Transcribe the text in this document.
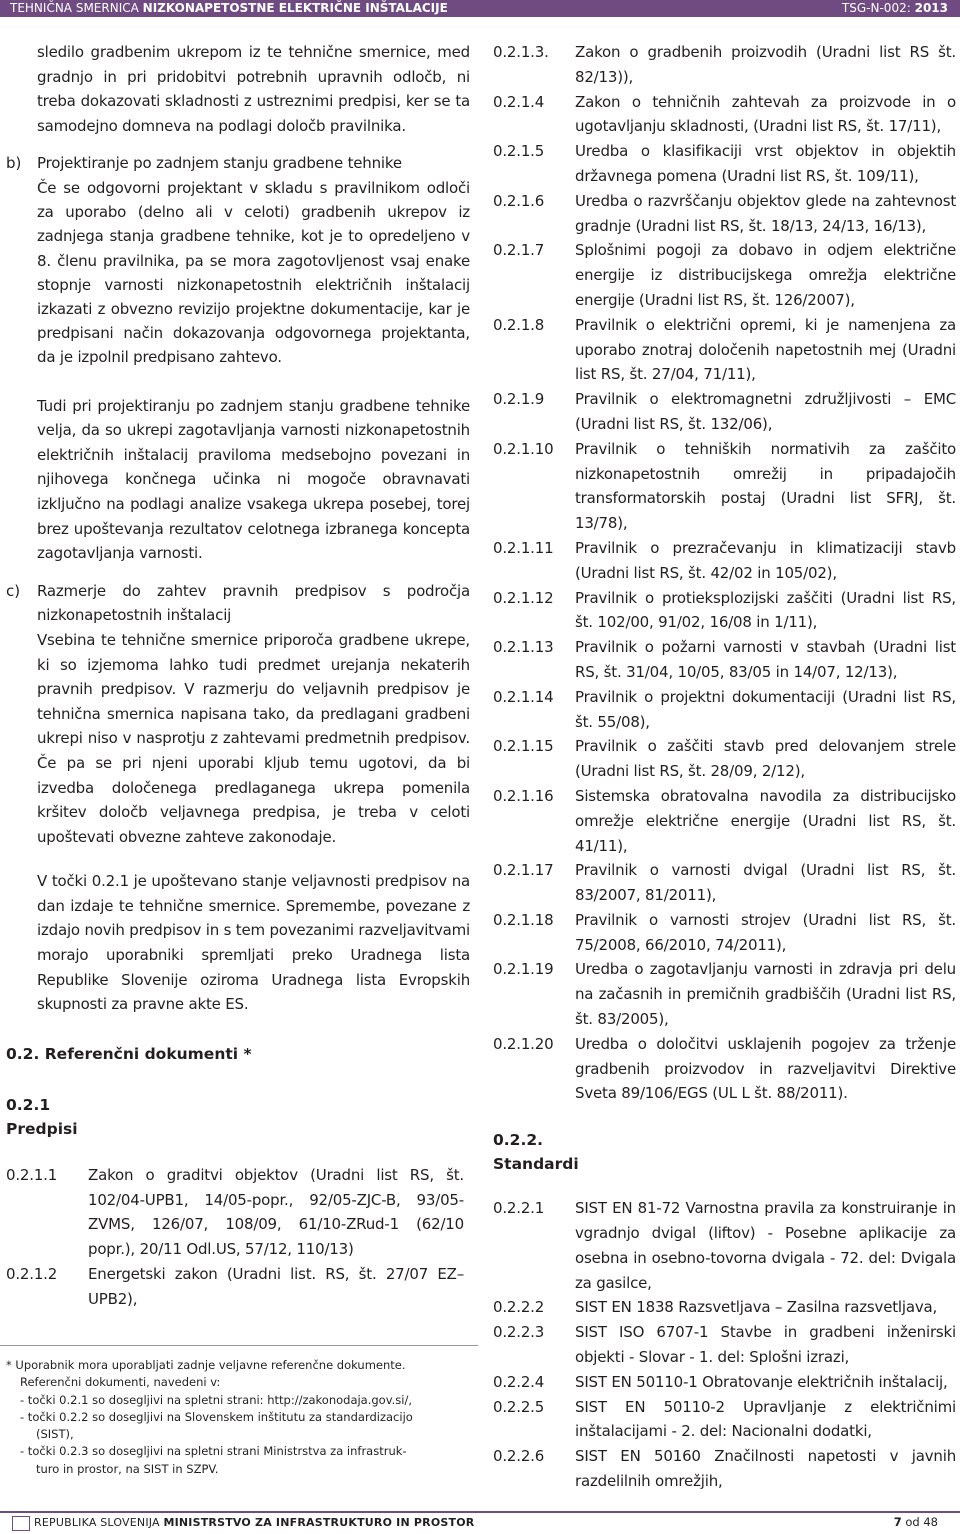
TEHNIČNA SMERNICA NIZKONAPETOSTNE ELEKTRIČNE INŠTALACIJE	TSG-N-002: 2013

sledilo gradbenim ukrepom iz te tehnične smernice, med gradnjo in pri pridobitvi potrebnih upravnih odločb, ni treba dokazovati skladnosti z ustreznimi predpisi, ker se ta samodejno domneva na podlagi določb pravilnika.

b) Projektiranje po zadnjem stanju gradbene tehnike

Če se odgovorni projektant v skladu s pravilnikom odloči za uporabo (delno ali v celoti) gradbenih ukrepov iz zadnjega stanja gradbene tehnike, kot je to opredeljeno v 8. členu pravilnika, pa se mora zagotovljenost vsaj enake stopnje varnosti nizkonapetostnih električnih inštalacij izkazati z obvezno revizijo projektne dokumentacije, kar je predpisani način dokazovanja odgovornega projektanta, da je izpolnil predpisano zahtevo.

Tudi pri projektiranju po zadnjem stanju gradbene tehnike velja, da so ukrepi zagotavljanja varnosti nizkonapetostnih električnih inštalacij praviloma medsebojno povezani in njihovega končnega učinka ni mogoče obravnavati izključno na podlagi analize vsakega ukrepa posebej, torej brez upoštevanja rezultatov celotnega izbranega koncepta zagotavljanja varnosti.

c) Razmerje do zahtev pravnih predpisov s področja nizkonapetostnih inštalacij

Vsebina te tehnične smernice priporoča gradbene ukrepe, ki so izjemoma lahko tudi predmet urejanja nekaterih pravnih predpisov. V razmerju do veljavnih predpisov je tehnična smernica napisana tako, da predlagani gradbeni ukrepi niso v nasprotju z zahtevami predmetnih predpisov. Če pa se pri njeni uporabi kljub temu ugotovi, da bi izvedba določenega predlaganega ukrepa pomenila kršitev določb veljavnega predpisa, je treba v celoti upoštevati obvezne zahteve zakonodaje.

V točki 0.2.1 je upoštevano stanje veljavnosti predpisov na dan izdaje te tehnične smernice. Spremembe, povezane z izdajo novih predpisov in s tem povezanimi razveljavitvami morajo uporabniki spremljati preko Uradnega lista Republike Slovenije oziroma Uradnega lista Evropskih skupnosti za pravne akte ES.

0.2. Referenčni dokumenti *

0.2.1

Predpisi

0.2.1.1 Zakon o graditvi objektov (Uradni list RS, št. 102/04-UPB1, 14/05-popr., 92/05-ZJC-B, 93/05-ZVMS, 126/07, 108/09, 61/10-ZRud-1 (62/10 popr.), 20/11 Odl.US, 57/12, 110/13)
0.2.1.2 Energetski zakon (Uradni list. RS, št. 27/07 EZ– UPB2),
* Uporabnik mora uporabljati zadnje veljavne referenčne dokumente.
Referenčni dokumenti, navedeni v:
- točki 0.2.1 so dosegljivi na spletni strani: http://zakonodaja.gov.si/,
- točki 0.2.2 so dosegljivi na Slovenskem inštitutu za standardizacijo
(SIST),
- točki 0.2.3 so dosegljivi na spletni strani Ministrstva za infrastruk-
turo in prostor, na SIST in SZPV.
0.2.1.3. Zakon o gradbenih proizvodih (Uradni list RS št. 82/13)),
0.2.1.4 Zakon o tehničnih zahtevah za proizvode in o ugotavljanju skladnosti, (Uradni list RS, št. 17/11),
0.2.1.5 Uredba o klasifikaciji vrst objektov in objektih državnega pomena (Uradni list RS, št. 109/11),
0.2.1.6 Uredba o razvrščanju objektov glede na zahtevnost gradnje (Uradni list RS, št. 18/13, 24/13, 16/13),
0.2.1.7 Splošnimi pogoji za dobavo in odjem električne energije iz distribucijskega omrežja električne energije (Uradni list RS, št. 126/2007),
0.2.1.8 Pravilnik o električni opremi, ki je namenjena za uporabo znotraj določenih napetostnih mej (Uradni list RS, št. 27/04, 71/11),
0.2.1.9 Pravilnik o elektromagnetni združljivosti – EMC (Uradni list RS, št. 132/06),
0.2.1.10 Pravilnik o tehniških normativih za zaščito nizkonapetostnih omrežij in pripadajočih transformatorskih postaj (Uradni list SFRJ, št. 13/78),
0.2.1.11 Pravilnik o prezračevanju in klimatizaciji stavb (Uradni list RS, št. 42/02 in 105/02),
0.2.1.12 Pravilnik o protieksplozijski zaščiti (Uradni list RS, št. 102/00, 91/02, 16/08 in 1/11),
0.2.1.13 Pravilnik o požarni varnosti v stavbah (Uradni list RS, št. 31/04, 10/05, 83/05 in 14/07, 12/13),
0.2.1.14 Pravilnik o projektni dokumentaciji (Uradni list RS, št. 55/08),
0.2.1.15 Pravilnik o zaščiti stavb pred delovanjem strele (Uradni list RS, št. 28/09, 2/12),
0.2.1.16 Sistemska obratovalna navodila za distribucijsko omrežje električne energije (Uradni list RS, št. 41/11),
0.2.1.17 Pravilnik o varnosti dvigal (Uradni list RS, št. 83/2007, 81/2011),
0.2.1.18 Pravilnik o varnosti strojev (Uradni list RS, št. 75/2008, 66/2010, 74/2011),
0.2.1.19 Uredba o zagotavljanju varnosti in zdravja pri delu na začasnih in premičnih gradbiščih (Uradni list RS, št. 83/2005),
0.2.1.20 Uredba o določitvi usklajenih pogojev za trženje gradbenih proizvodov in razveljavitvi Direktive Sveta 89/106/EGS (UL L št. 88/2011).

0.2.2.

Standardi

0.2.2.1 SIST EN 81-72 Varnostna pravila za konstruiranje in vgradnjo dvigal (liftov) - Posebne aplikacije za osebna in osebno-tovorna dvigala - 72. del: Dvigala za gasilce,
0.2.2.2 SIST EN 1838 Razsvetljava – Zasilna razsvetljava,
0.2.2.3 SIST ISO 6707-1 Stavbe in gradbeni inženirski objekti - Slovar - 1. del: Splošni izrazi,
0.2.2.4 SIST EN 50110-1 Obratovanje električnih inštalacij,
0.2.2.5 SIST EN 50110-2 Upravljanje z električnimi inštalacijami - 2. del: Nacionalni dodatki,
0.2.2.6 SIST EN 50160 Značilnosti napetosti v javnih razdelilnih omrežjih,
REPUBLIKA SLOVENIJA MINISTRSTVO ZA INFRASTRUKTURO IN PROSTOR	7 od 48
